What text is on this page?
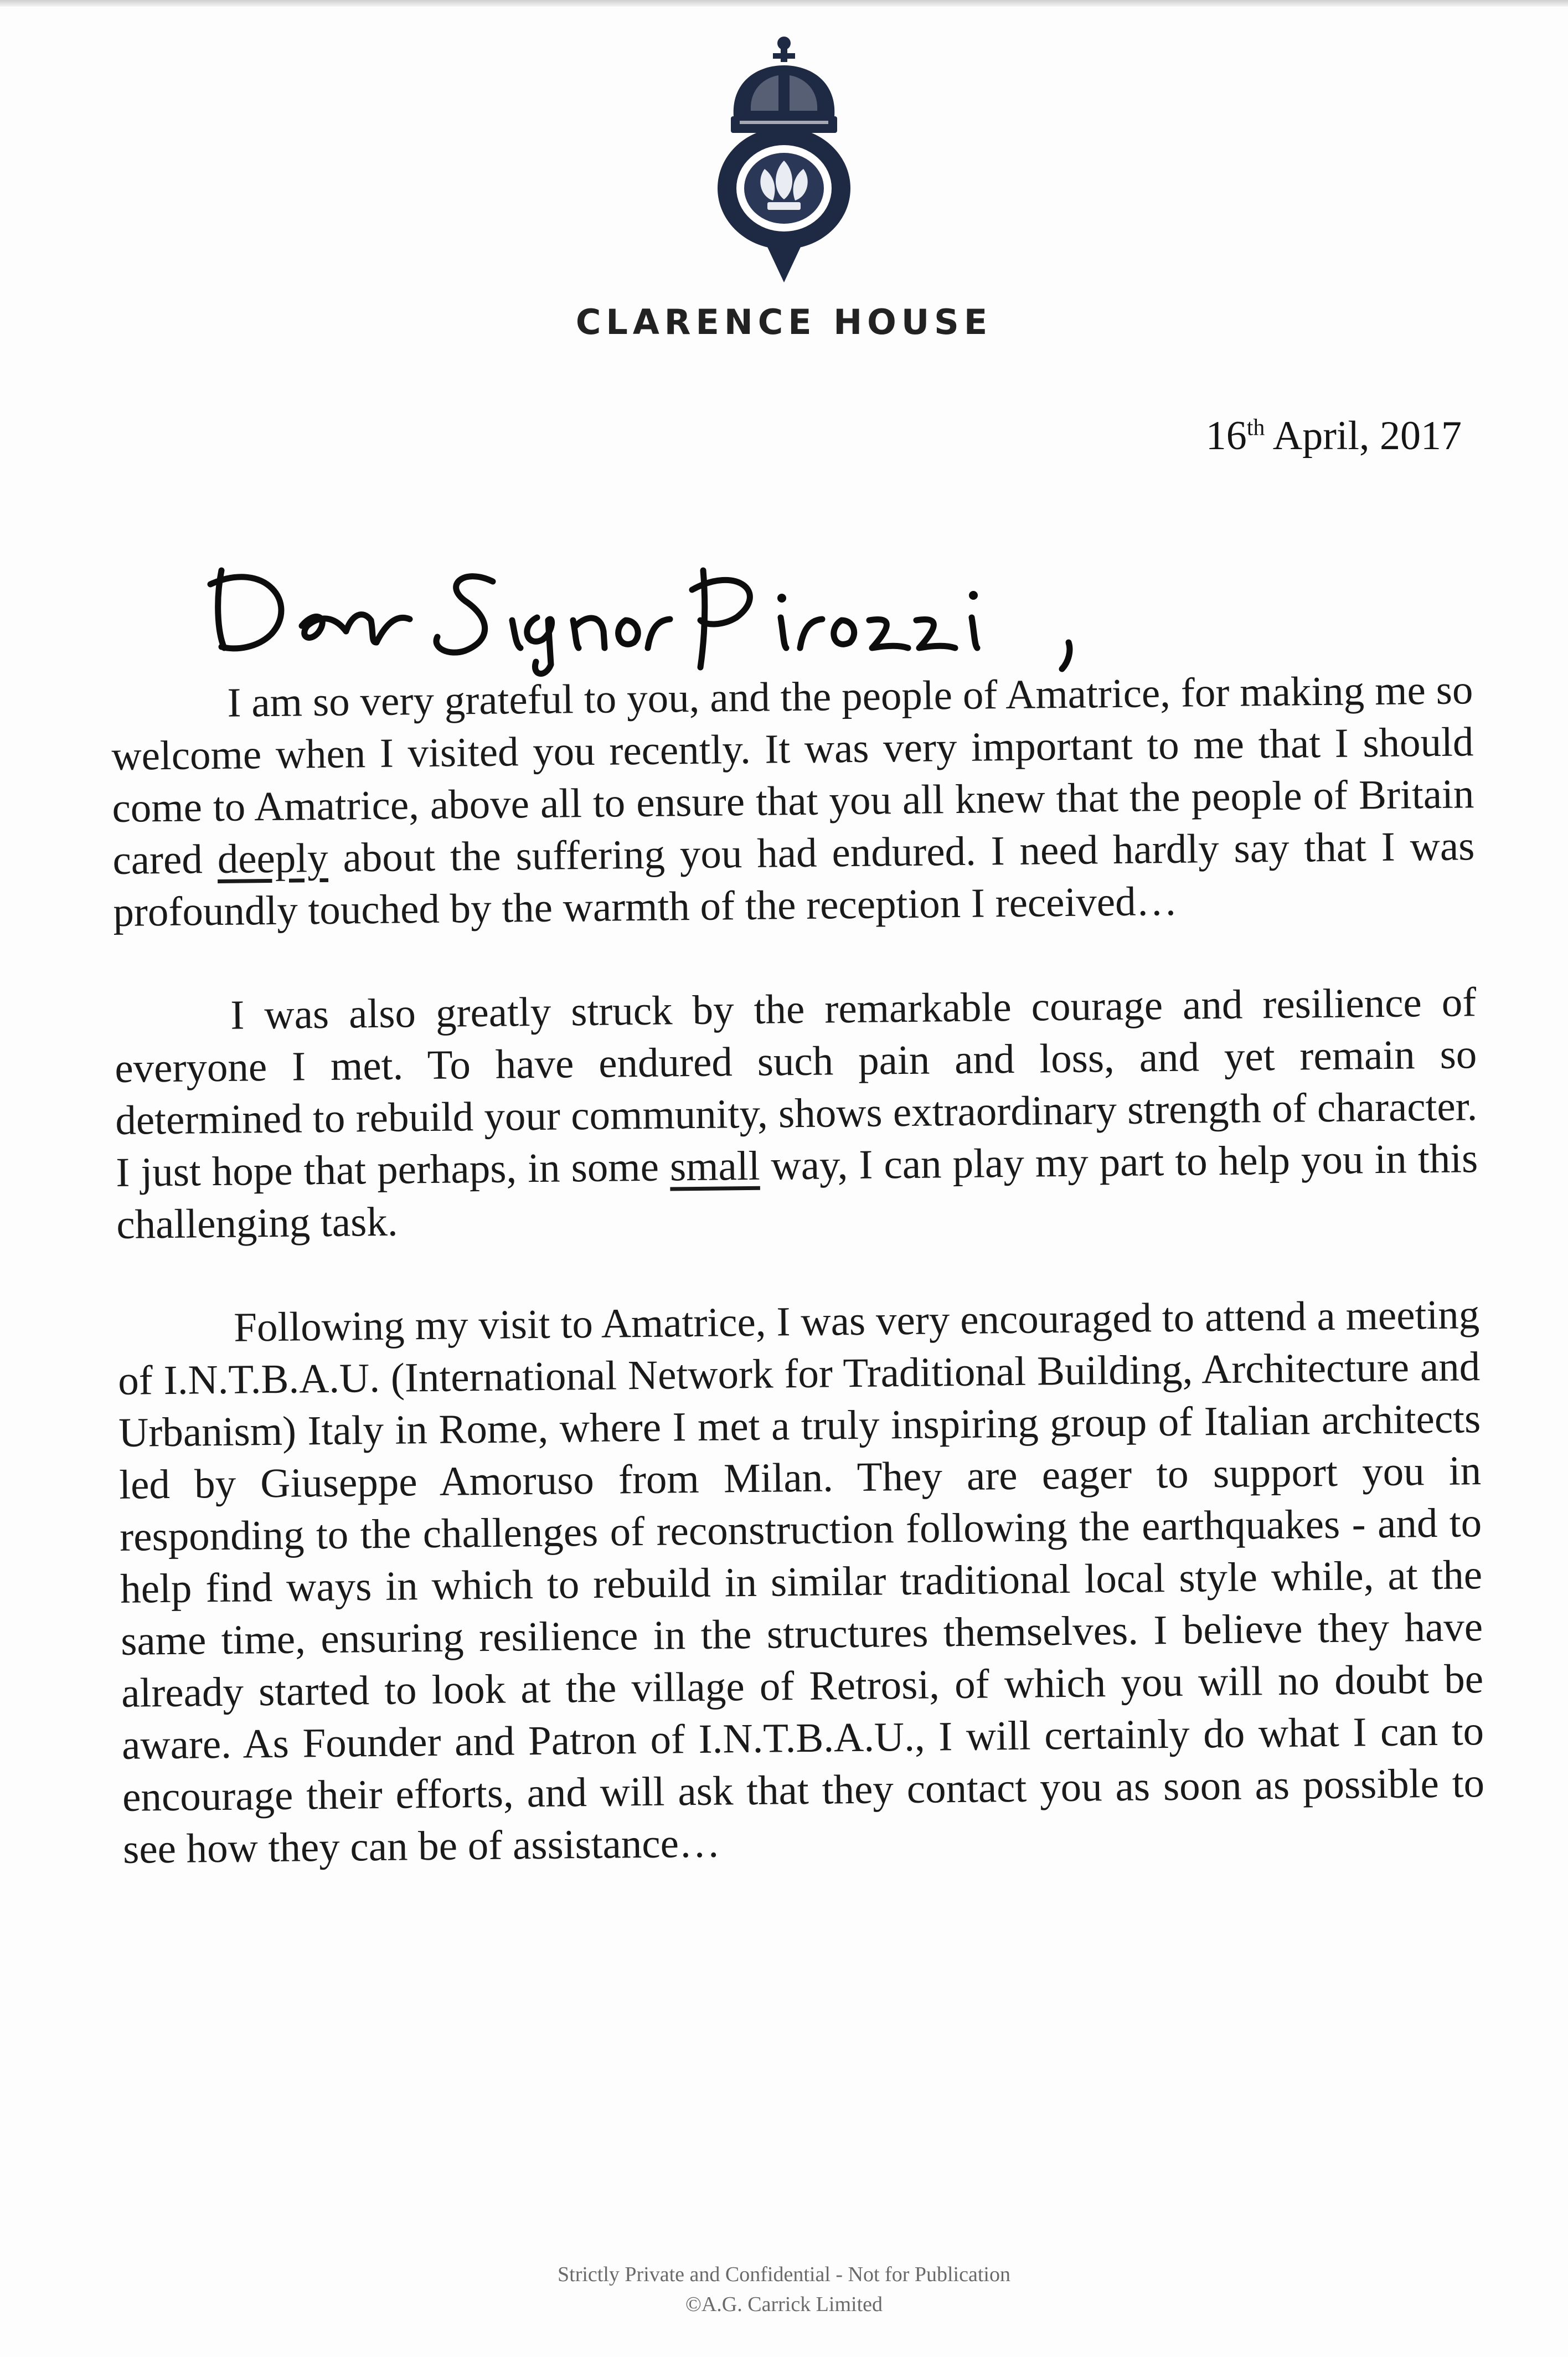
CLARENCE HOUSE
16th April, 2017

I am so very grateful to you, and the people of Amatrice, for making me so welcome when I visited you recently. It was very important to me that I should come to Amatrice, above all to ensure that you all knew that the people of Britain cared deeply about the suffering you had endured. I need hardly say that I was profoundly touched by the warmth of the reception I received…

I was also greatly struck by the remarkable courage and resilience of everyone I met. To have endured such pain and loss, and yet remain so determined to rebuild your community, shows extraordinary strength of character. I just hope that perhaps, in some small way, I can play my part to help you in this challenging task.

Following my visit to Amatrice, I was very encouraged to attend a meeting of I.N.T.B.A.U. (International Network for Traditional Building, Architecture and Urbanism) Italy in Rome, where I met a truly inspiring group of Italian architects led by Giuseppe Amoruso from Milan. They are eager to support you in responding to the challenges of reconstruction following the earthquakes - and to help find ways in which to rebuild in similar traditional local style while, at the same time, ensuring resilience in the structures themselves. I believe they have already started to look at the village of Retrosi, of which you will no doubt be aware. As Founder and Patron of I.N.T.B.A.U., I will certainly do what I can to encourage their efforts, and will ask that they contact you as soon as possible to see how they can be of assistance…

Strictly Private and Confidential - Not for Publication
©A.G. Carrick Limited
